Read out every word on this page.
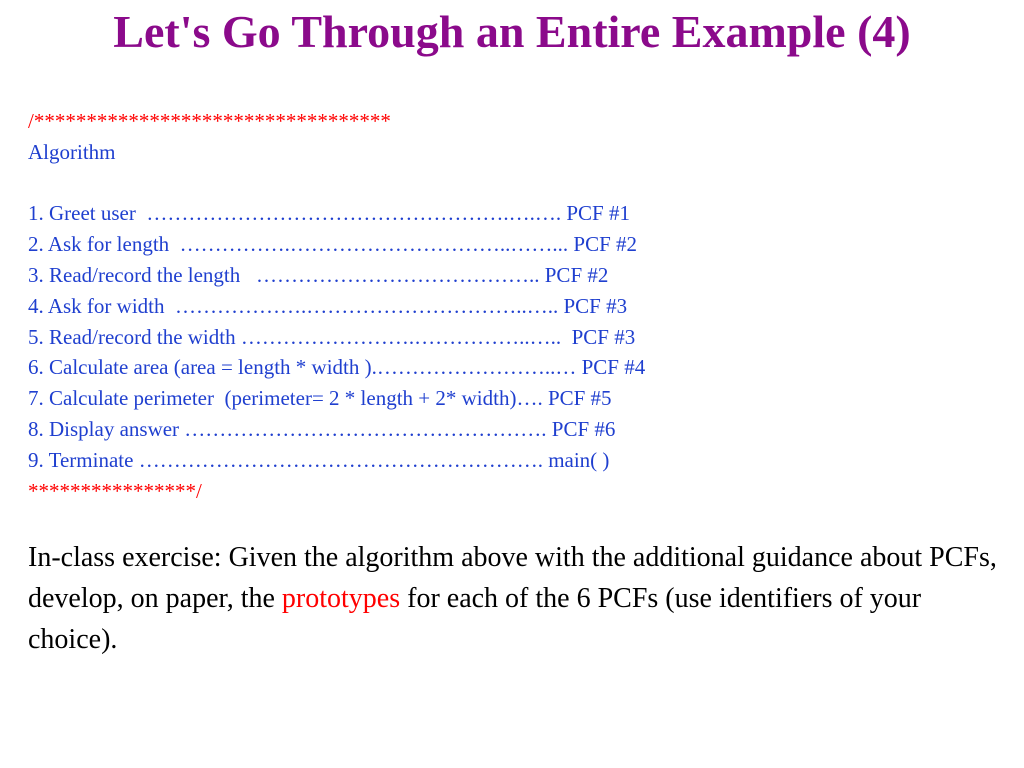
Let's Go Through an Entire Example (4)
/**********************************
Algorithm
1. Greet user  …………………………………………….….…. PCF #1
2. Ask for length  …………….…………………………..……... PCF #2
3. Read/record the length   ………………………………….. PCF #2
4. Ask for width  ……………….…………………………..….. PCF #3
5. Read/record the width …………………….……………..…..  PCF #3
6. Calculate area (area = length * width ).……………………..… PCF #4
7. Calculate perimeter  (perimeter= 2 * length + 2* width)…. PCF #5
8. Display answer ……………………………………………. PCF #6
9. Terminate …………………………………………………. main( )
****************/
In-class exercise: Given the algorithm above with the additional guidance about PCFs, develop, on paper, the prototypes for each of the 6 PCFs (use identifiers of your choice).
